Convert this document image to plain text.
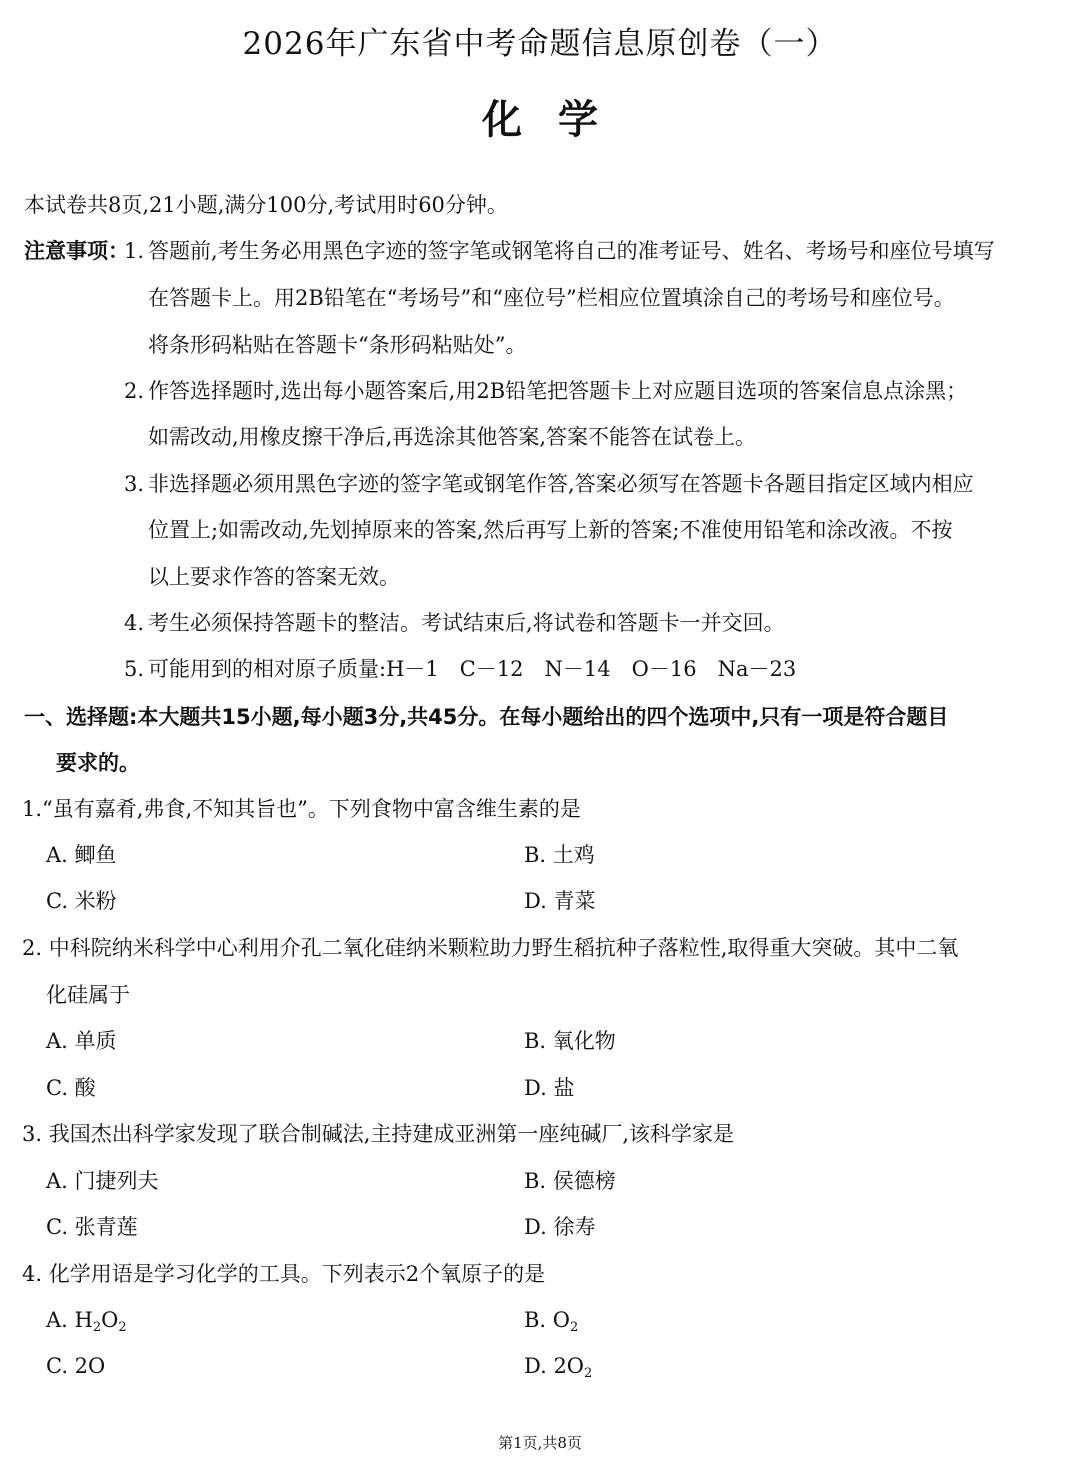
2026年广东省中考命题信息原创卷（一）
化学
本试卷共8页,21小题,满分100分,考试用时60分钟。
注意事项：
1. 答题前,考生务必用黑色字迹的签字笔或钢笔将自己的准考证号、姓名、考场号和座位号填写
在答题卡上。用2B铅笔在“考场号”和“座位号”栏相应位置填涂自己的考场号和座位号。
将条形码粘贴在答题卡“条形码粘贴处”。
2. 作答选择题时,选出每小题答案后,用2B铅笔把答题卡上对应题目选项的答案信息点涂黑；
如需改动,用橡皮擦干净后,再选涂其他答案,答案不能答在试卷上。
3. 非选择题必须用黑色字迹的签字笔或钢笔作答,答案必须写在答题卡各题目指定区域内相应
位置上;如需改动,先划掉原来的答案,然后再写上新的答案;不准使用铅笔和涂改液。不按
以上要求作答的答案无效。
4. 考生必须保持答题卡的整洁。考试结束后,将试卷和答题卡一并交回。
5. 可能用到的相对原子质量:H－1　C－12　N－14　O－16　Na－23
一、选择题:本大题共15小题,每小题3分,共45分。在每小题给出的四个选项中,只有一项是符合题目
要求的。
1.“虽有嘉肴,弗食,不知其旨也”。下列食物中富含维生素的是
A. 鲫鱼	B. 土鸡
C. 米粉	D. 青菜
2. 中科院纳米科学中心利用介孔二氧化硅纳米颗粒助力野生稻抗种子落粒性,取得重大突破。其中二氧
化硅属于
A. 单质	B. 氧化物
C. 酸	D. 盐
3. 我国杰出科学家发现了联合制碱法,主持建成亚洲第一座纯碱厂,该科学家是
A. 门捷列夫	B. 侯德榜
C. 张青莲	D. 徐寿
4. 化学用语是学习化学的工具。下列表示2个氧原子的是
A. $H_2O_2$	B. $O_2$
C. 2O	D. $2O_2$
第1页,共8页
